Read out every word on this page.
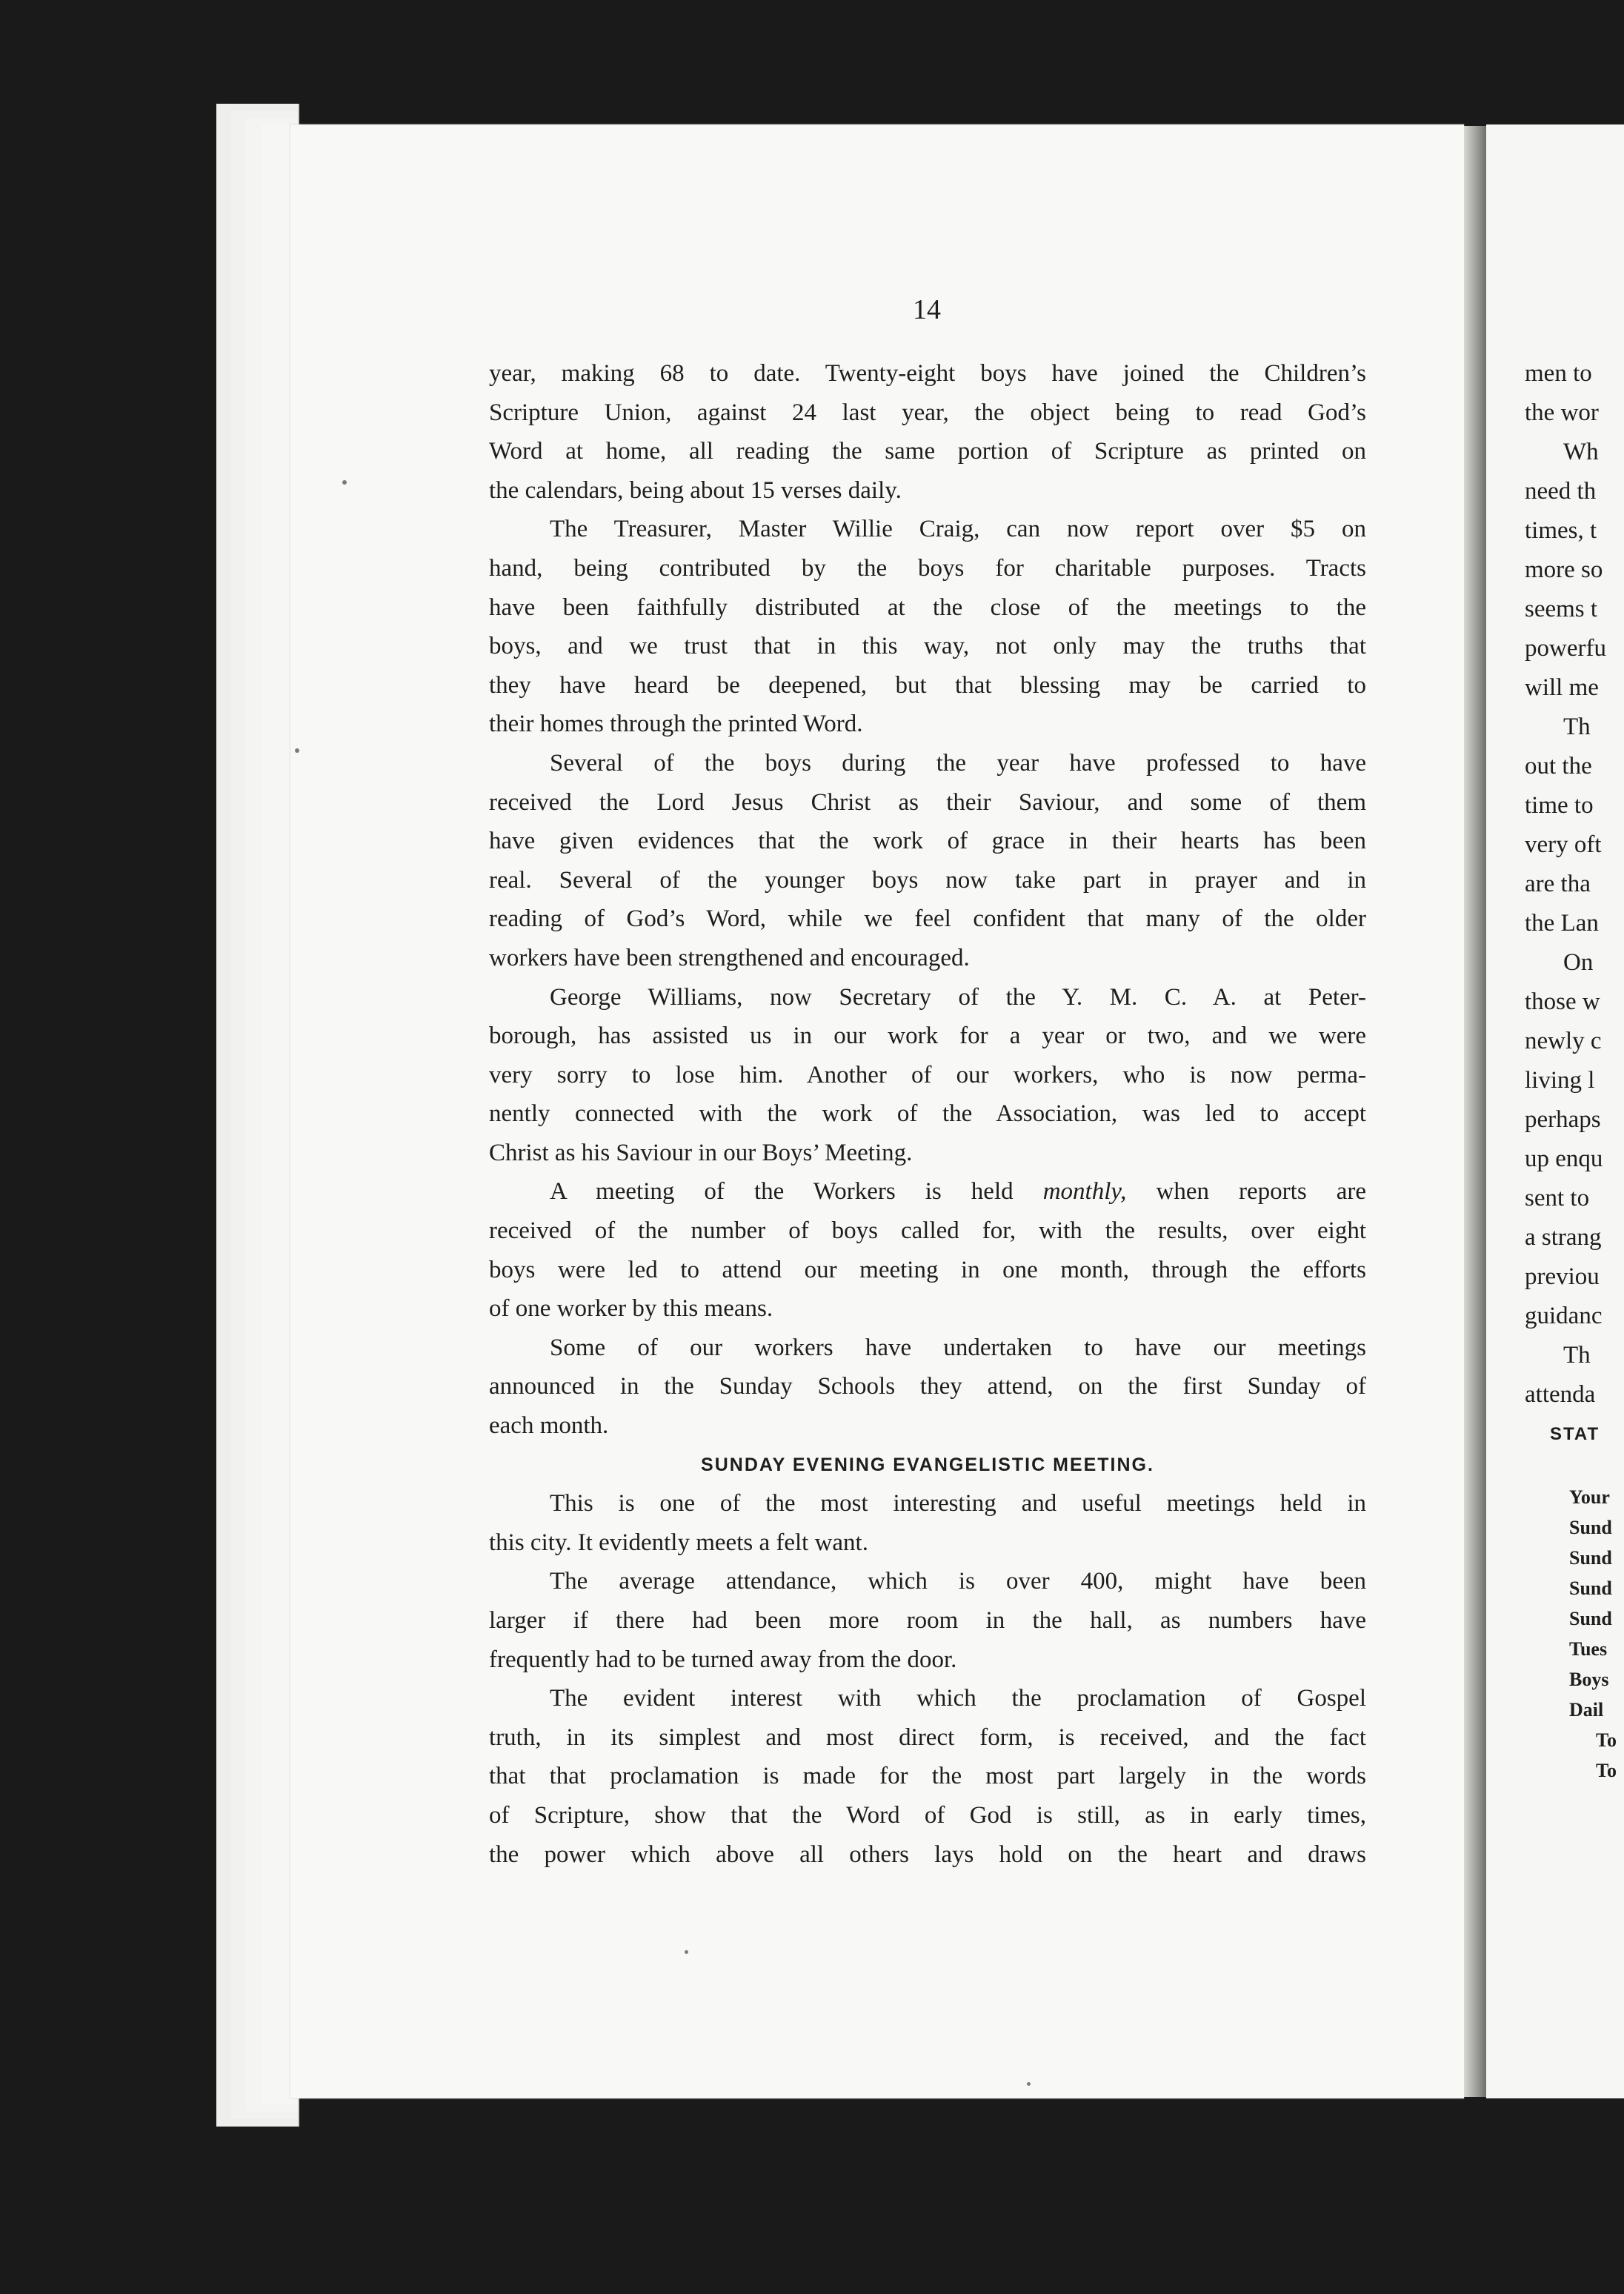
14

year, making 68 to date. Twenty-eight boys have joined the Children’s

Scripture Union, against 24 last year, the object being to read God’s

Word at home, all reading the same portion of Scripture as printed on

the calendars, being about 15 verses daily.

The Treasurer, Master Willie Craig, can now report over $5 on

hand, being contributed by the boys for charitable purposes. Tracts

have been faithfully distributed at the close of the meetings to the

boys, and we trust that in this way, not only may the truths that

they have heard be deepened, but that blessing may be carried to

their homes through the printed Word.

Several of the boys during the year have professed to have

received the Lord Jesus Christ as their Saviour, and some of them

have given evidences that the work of grace in their hearts has been

real. Several of the younger boys now take part in prayer and in

reading of God’s Word, while we feel confident that many of the older

workers have been strengthened and encouraged.

George Williams, now Secretary of the Y. M. C. A. at Peter-

borough, has assisted us in our work for a year or two, and we were

very sorry to lose him. Another of our workers, who is now perma-

nently connected with the work of the Association, was led to accept

Christ as his Saviour in our Boys’ Meeting.

A meeting of the Workers is held monthly, when reports are

received of the number of boys called for, with the results, over eight

boys were led to attend our meeting in one month, through the efforts

of one worker by this means.

Some of our workers have undertaken to have our meetings

announced in the Sunday Schools they attend, on the first Sunday of

each month.

SUNDAY EVENING EVANGELISTIC MEETING.

This is one of the most interesting and useful meetings held in

this city. It evidently meets a felt want.

The average attendance, which is over 400, might have been

larger if there had been more room in the hall, as numbers have

frequently had to be turned away from the door.

The evident interest with which the proclamation of Gospel

truth, in its simplest and most direct form, is received, and the fact

that that proclamation is made for the most part largely in the words

of Scripture, show that the Word of God is still, as in early times,

the power which above all others lays hold on the heart and draws

men to
the wor
Wh
need th
times, t
more so
seems t
powerfu
will me
Th
out the
time to
very oft
are tha
the Lan
On
those w
newly c
living l
perhaps
up enqu
sent to
a strang
previou
guidanc
Th
attenda
STAT
Your
Sund
Sund
Sund
Sund
Tues
Boys
Dail
To
To
